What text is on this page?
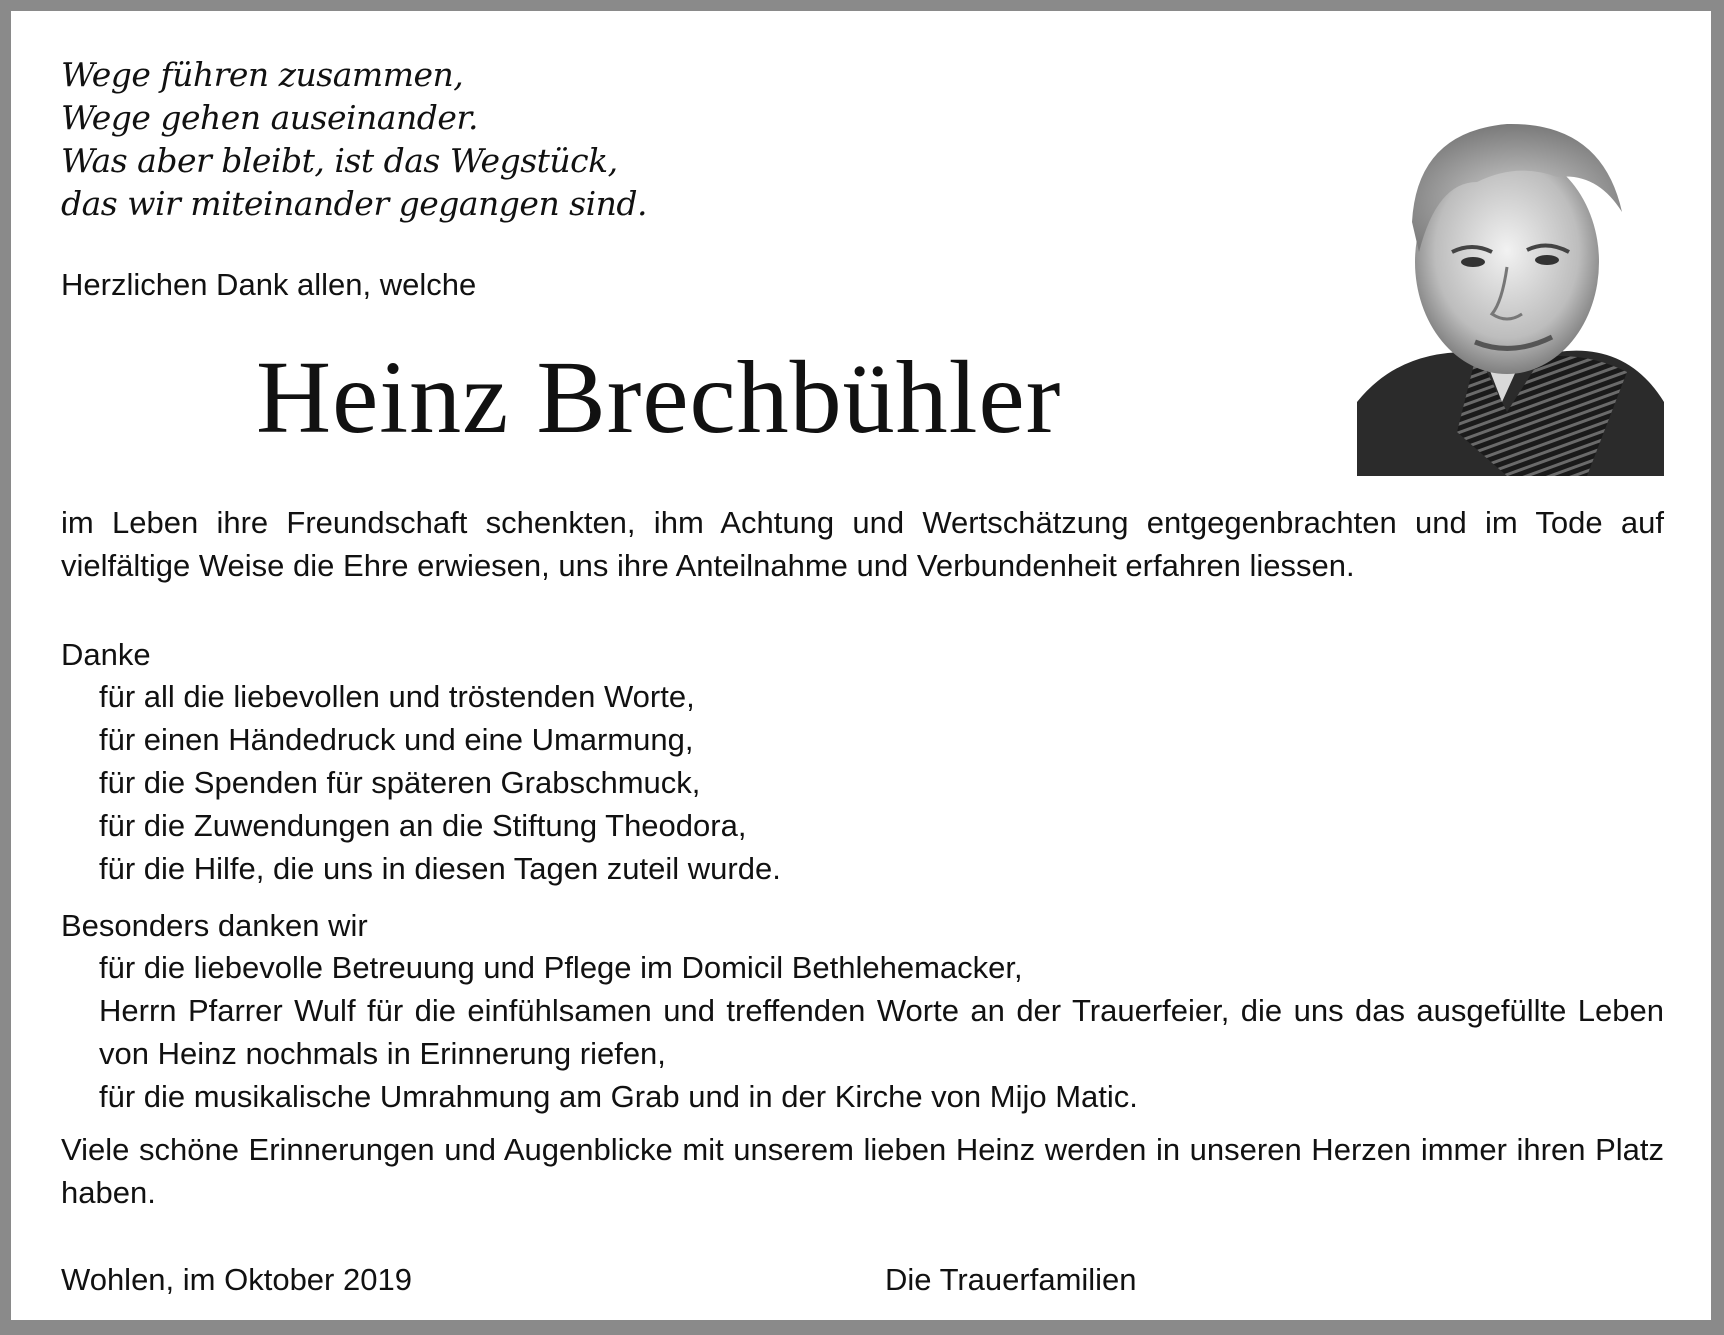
Wege führen zusammen,
Wege gehen auseinander.
Was aber bleibt, ist das Wegstück,
das wir miteinander gegangen sind.
Herzlichen Dank allen, welche
Heinz Brechbühler
im Leben ihre Freundschaft schenkten, ihm Achtung und Wertschätzung entgegenbrachten und im Tode auf vielfältige Weise die Ehre erwiesen, uns ihre Anteilnahme und Verbundenheit erfahren liessen.
Danke
für all die liebevollen und tröstenden Worte,
für einen Händedruck und eine Umarmung,
für die Spenden für späteren Grabschmuck,
für die Zuwendungen an die Stiftung Theodora,
für die Hilfe, die uns in diesen Tagen zuteil wurde.
Besonders danken wir
für die liebevolle Betreuung und Pflege im Domicil Bethlehemacker,
Herrn Pfarrer Wulf für die einfühlsamen und treffenden Worte an der Trauerfeier, die uns das ausgefüllte Leben von Heinz nochmals in Erinnerung riefen,
für die musikalische Umrahmung am Grab und in der Kirche von Mijo Matic.
Viele schöne Erinnerungen und Augenblicke mit unserem lieben Heinz werden in unseren Herzen immer ihren Platz haben.
Wohlen, im Oktober 2019	Die Trauerfamilien
